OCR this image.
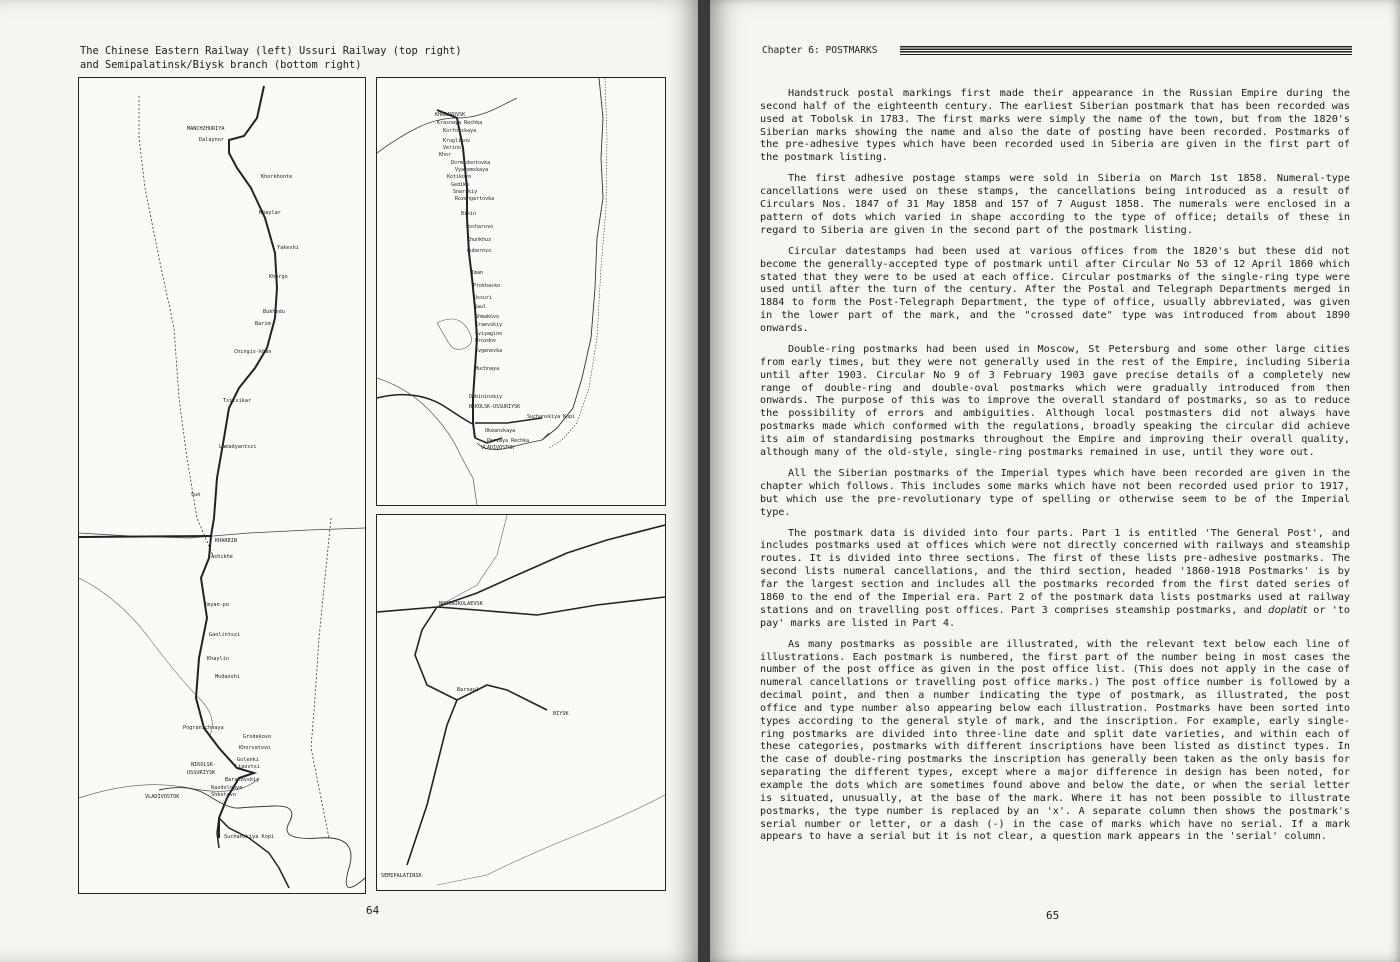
The Chinese Eastern Railway (left) Ussuri Railway (top right)
and Semipalatinsk/Biysk branch (bottom right)
MANCHZHURIYA
Dalaynor
Khorkhonte
Khaylar
Yakeshi
Khorgo
Bukhedu
Barim
Chingis-khan
Tsitsikar
Lamadyantszi
Sun
KHARBIN
Ashikhe
Imyan-po
Gaolintszi
Khaylin
Modaoshi
Pogranichnaya
Grodekovo
Khorvatovo
Golenki
Lipovtsi
NIKOLSK-
USSURIYSK
Baranovskiy
Razdolnaya
VLADIVOSTOK	Shkotovo
Suchanskiya Kopi
KHABAROVSK
Krasnaya Rechka
Korfovskaya
Kruglikov
Verino
Khor
Dormidontovka
Vyazemskaya
Kotikovo
Gedike
Snarskiy
Rozengartovka
Bikin
Bocharovo
Khunkhuz
Guberovo
Iman
Prokhasko
Ussuri
Kaul
Shmakovo
Kraevskiy
Sviyagino
Drozdov
Evgenevka
Muchnaya
Dubininskiy
NIKOLSK-USSURIYSK
Suchanskiya Kopi
Okeanskaya
Pervaya Rechka
VLADIVOSTOK
NOVONIKOLAEVSK
Barnaul
BIYSK
SEMIPALATINSK
64
Chapter 6: POSTMARKS

Handstruck postal markings first made their appearance in the Russian Empire during the second half of the eighteenth century. The earliest Siberian postmark that has been recorded was used at Tobolsk in 1783. The first marks were simply the name of the town, but from the 1820's Siberian marks showing the name and also the date of posting have been recorded. Postmarks of the pre-adhesive types which have been recorded used in Siberia are given in the first part of the postmark listing.

The first adhesive postage stamps were sold in Siberia on March 1st 1858. Numeral-type cancellations were used on these stamps, the cancellations being introduced as a result of Circulars Nos. 1847 of 31 May 1858 and 157 of 7 August 1858. The numerals were enclosed in a pattern of dots which varied in shape according to the type of office; details of these in regard to Siberia are given in the second part of the postmark listing.

Circular datestamps had been used at various offices from the 1820's but these did not become the generally-accepted type of postmark until after Circular No 53 of 12 April 1860 which stated that they were to be used at each office. Circular postmarks of the single-ring type were used until after the turn of the century. After the Postal and Telegraph Departments merged in 1884 to form the Post-Telegraph Department, the type of office, usually abbreviated, was given in the lower part of the mark, and the "crossed date" type was introduced from about 1890 onwards.

Double-ring postmarks had been used in Moscow, St Petersburg and some other large cities from early times, but they were not generally used in the rest of the Empire, including Siberia until after 1903. Circular No 9 of 3 February 1903 gave precise details of a completely new range of double-ring and double-oval postmarks which were gradually introduced from then onwards. The purpose of this was to improve the overall standard of postmarks, so as to reduce the possibility of errors and ambiguities. Although local postmasters did not always have postmarks made which conformed with the regulations, broadly speaking the circular did achieve its aim of standardising postmarks throughout the Empire and improving their overall quality, although many of the old-style, single-ring postmarks remained in use, until they wore out.

All the Siberian postmarks of the Imperial types which have been recorded are given in the chapter which follows. This includes some marks which have not been recorded used prior to 1917, but which use the pre-revolutionary type of spelling or otherwise seem to be of the Imperial type.

The postmark data is divided into four parts. Part 1 is entitled 'The General Post', and includes postmarks used at offices which were not directly concerned with railways and steamship routes. It is divided into three sections. The first of these lists pre-adhesive postmarks. The second lists numeral cancellations, and the third section, headed '1860-1918 Postmarks' is by far the largest section and includes all the postmarks recorded from the first dated series of 1860 to the end of the Imperial era. Part 2 of the postmark data lists postmarks used at railway stations and on travelling post offices. Part 3 comprises steamship postmarks, and doplatit or 'to pay' marks are listed in Part 4.

As many postmarks as possible are illustrated, with the relevant text below each line of illustrations. Each postmark is numbered, the first part of the number being in most cases the number of the post office as given in the post office list. (This does not apply in the case of numeral cancellations or travelling post office marks.) The post office number is followed by a decimal point, and then a number indicating the type of postmark, as illustrated, the post office and type number also appearing below each illustration. Postmarks have been sorted into types according to the general style of mark, and the inscription. For example, early single-ring postmarks are divided into three-line date and split date varieties, and within each of these categories, postmarks with different inscriptions have been listed as distinct types. In the case of double-ring postmarks the inscription has generally been taken as the only basis for separating the different types, except where a major difference in design has been noted, for example the dots which are sometimes found above and below the date, or when the serial letter is situated, unusually, at the base of the mark. Where it has not been possible to illustrate postmarks, the type number is replaced by an 'x'. A separate column then shows the postmark's serial number or letter, or a dash (-) in the case of marks which have no serial. If a mark appears to have a serial but it is not clear, a question mark appears in the 'serial' column.

65
